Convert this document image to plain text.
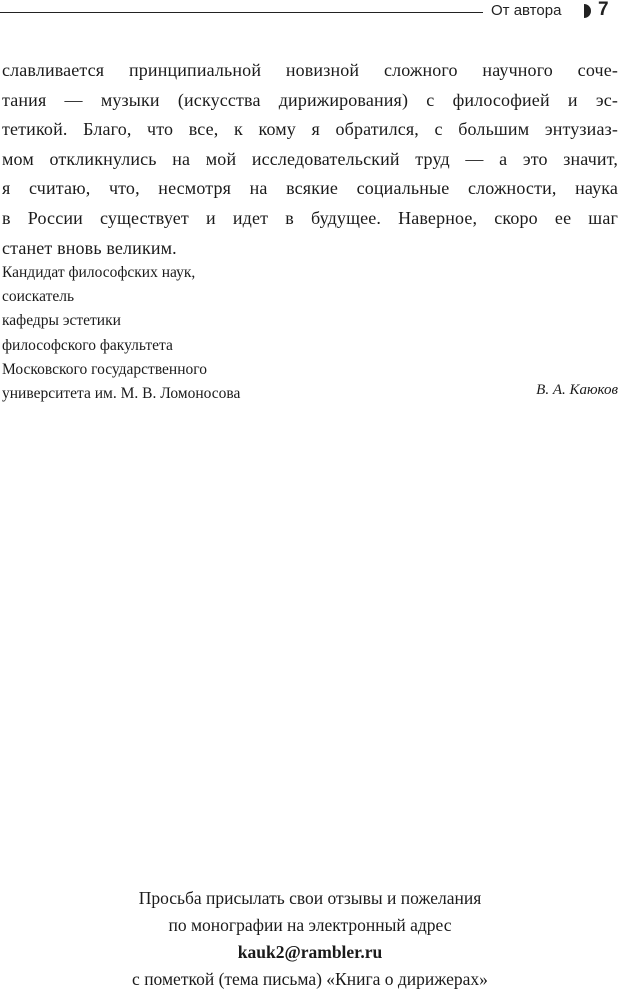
От автора 7
славливается принципиальной новизной сложного научного соче-
тания — музыки (искусства дирижирования) с философией и эс-
тетикой. Благо, что все, к кому я обратился, с большим энтузиаз-
мом откликнулись на мой исследовательский труд — а это значит,
я считаю, что, несмотря на всякие социальные сложности, наука
в России существует и идет в будущее. Наверное, скоро ее шаг
станет вновь великим.
Кандидат философских наук,
соискатель
кафедры эстетики
философского факультета
Московского государственного
университета им. М. В. Ломоносова	В. А. Каюков
Просьба присылать свои отзывы и пожелания
по монографии на электронный адрес
kauk2@rambler.ru
с пометкой (тема письма) «Книга о дирижерах»
